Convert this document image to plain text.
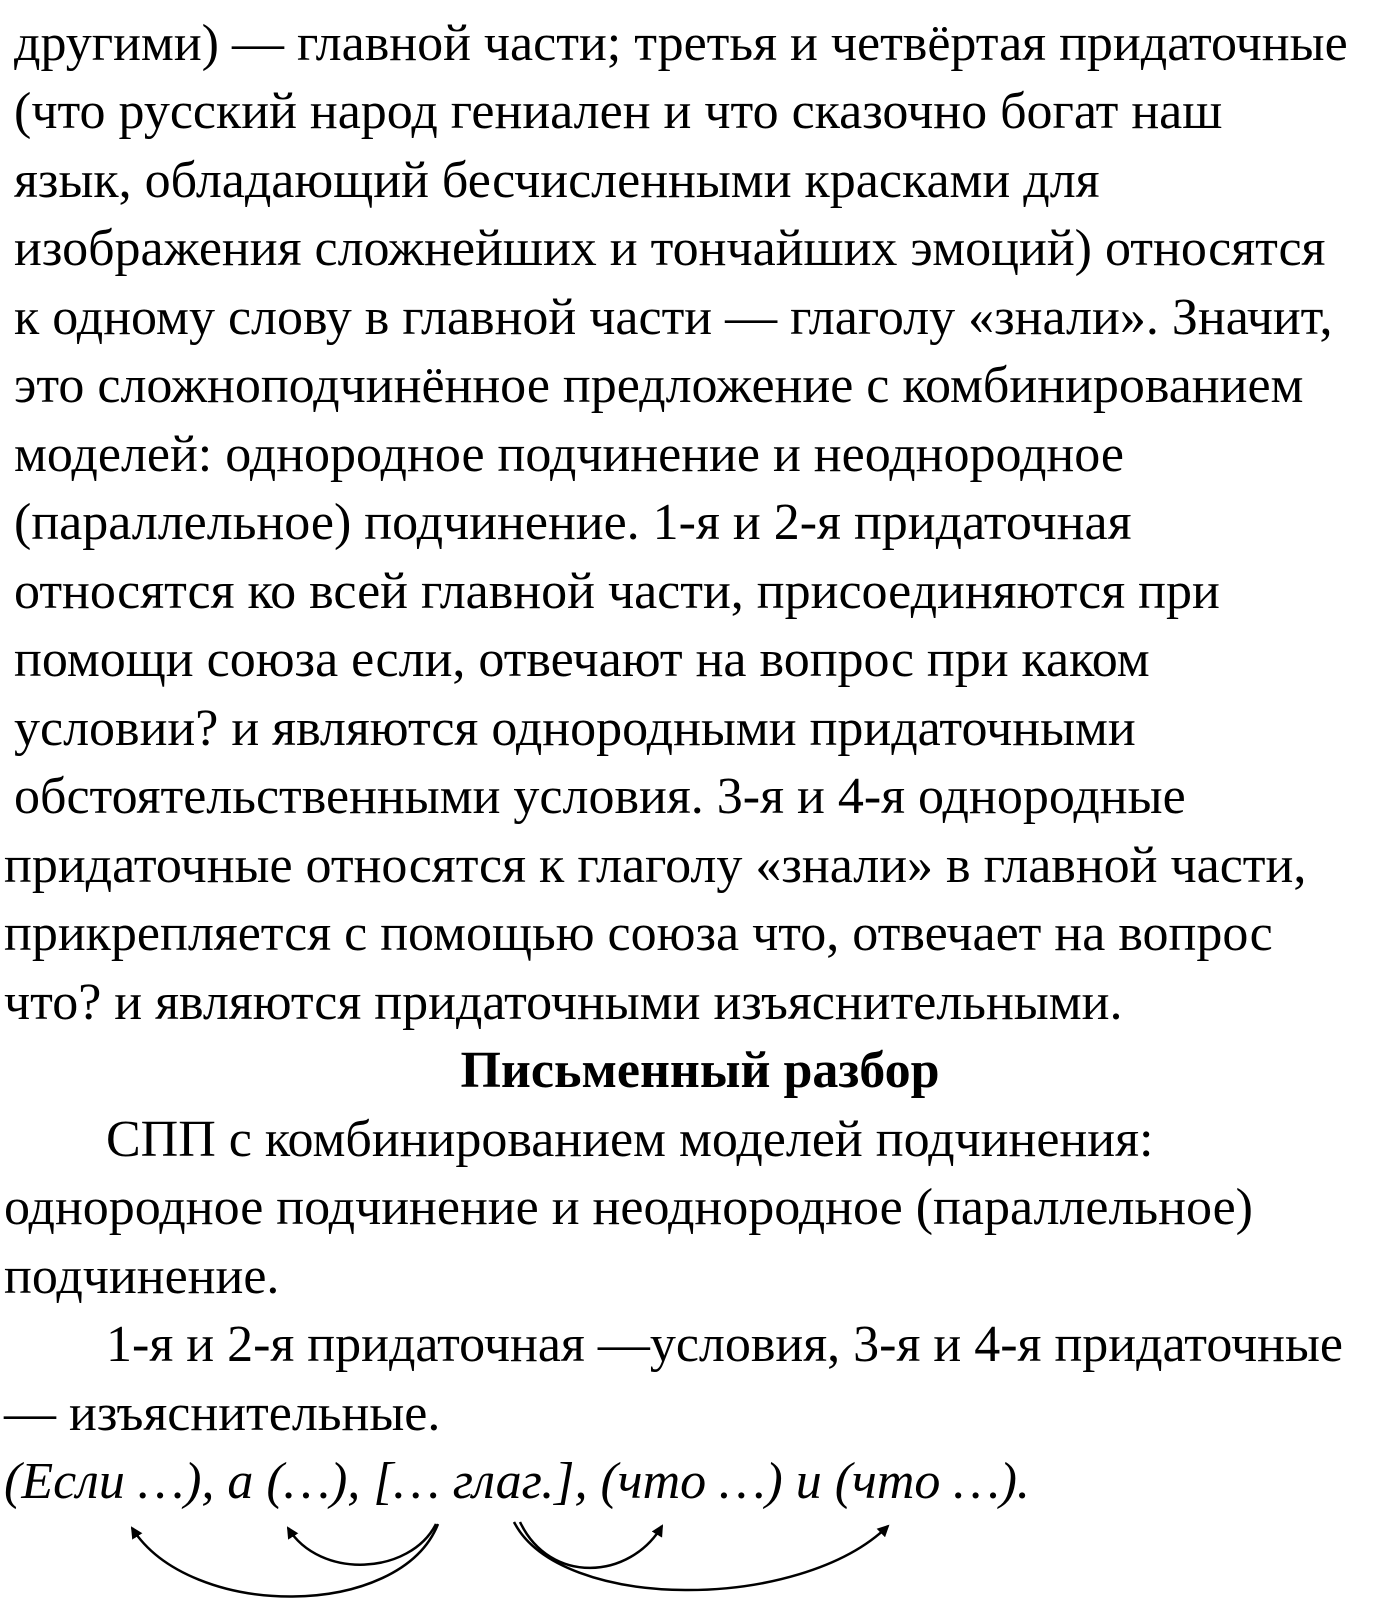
другими) — главной части; третья и четвёртая придаточные
(что русский народ гениален и что сказочно богат наш
язык, обладающий бесчисленными красками для
изображения сложнейших и тончайших эмоций) относятся
к одному слову в главной части — глаголу «знали». Значит,
это сложноподчинённое предложение с комбинированием
моделей: однородное подчинение и неоднородное
(параллельное) подчинение. 1-я и 2-я придаточная
относятся ко всей главной части, присоединяются при
помощи союза если, отвечают на вопрос при каком
условии? и являются однородными придаточными
обстоятельственными условия. 3-я и 4-я однородные
придаточные относятся к глаголу «знали» в главной части,
прикрепляется с помощью союза что, отвечает на вопрос
что? и являются придаточными изъяснительными.
Письменный разбор
СПП с комбинированием моделей подчинения:
однородное подчинение и неоднородное (параллельное)
подчинение.
1-я и 2-я придаточная —условия, 3-я и 4-я придаточные
— изъяснительные.
(Если …), а (…), [… глаг.], (что …) и (что …).
